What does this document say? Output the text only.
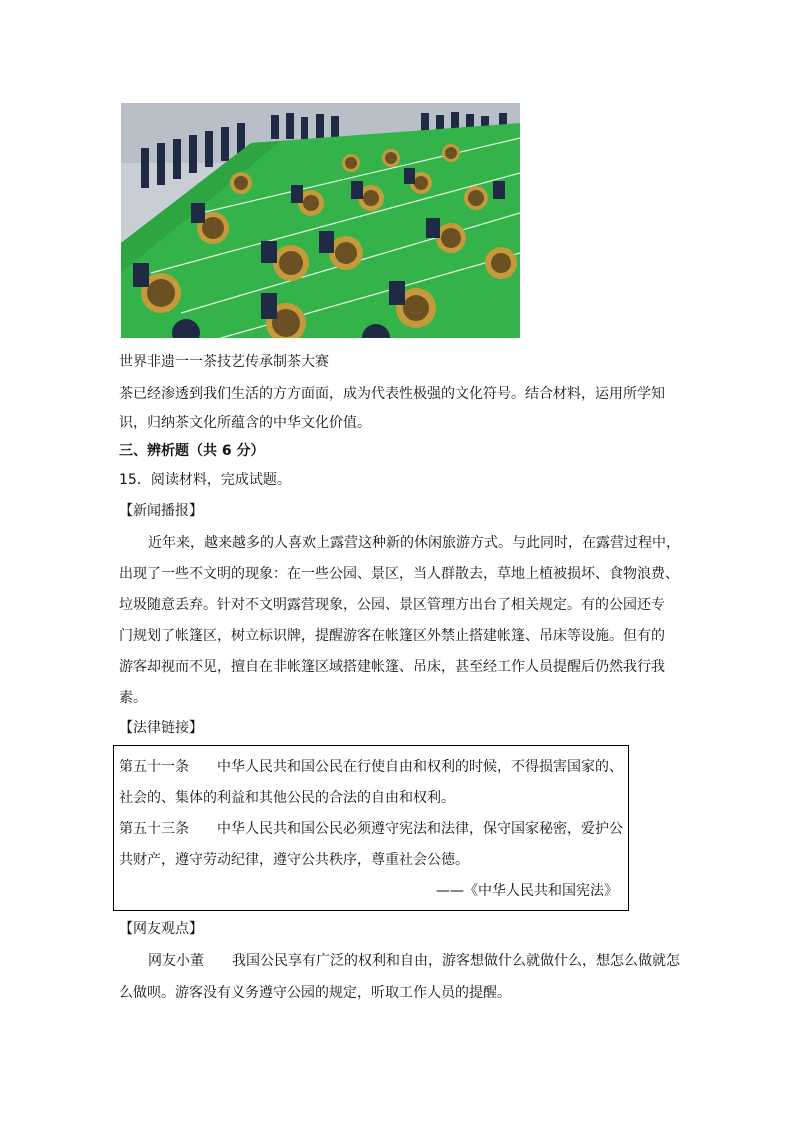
世界非遗一一茶技艺传承制茶大赛
茶已经渗透到我们生活的方方面面，成为代表性极强的文化符号。结合材料，运用所学知
识，归纳茶文化所蕴含的中华文化价值。
三、辨析题（共 6 分）
15．阅读材料，完成试题。
【新闻播报】
近年来，越来越多的人喜欢上露营这种新的休闲旅游方式。与此同时，在露营过程中，
出现了一些不文明的现象：在一些公园、景区，当人群散去，草地上植被损坏、食物浪费、
垃圾随意丢弃。针对不文明露营现象，公园、景区管理方出台了相关规定。有的公园还专
门规划了帐篷区，树立标识牌，提醒游客在帐篷区外禁止搭建帐篷、吊床等设施。但有的
游客却视而不见，擅自在非帐篷区域搭建帐篷、吊床，甚至经工作人员提醒后仍然我行我
素。
【法律链接】
第五十一条　　中华人民共和国公民在行使自由和权利的时候，不得损害国家的、
社会的、集体的利益和其他公民的合法的自由和权利。
第五十三条　　中华人民共和国公民必须遵守宪法和法律，保守国家秘密，爱护公
共财产，遵守劳动纪律，遵守公共秩序，尊重社会公德。
——《中华人民共和国宪法》
【网友观点】
网友小董　　我国公民享有广泛的权利和自由，游客想做什么就做什么，想怎么做就怎
么做呗。游客没有义务遵守公园的规定，听取工作人员的提醒。
